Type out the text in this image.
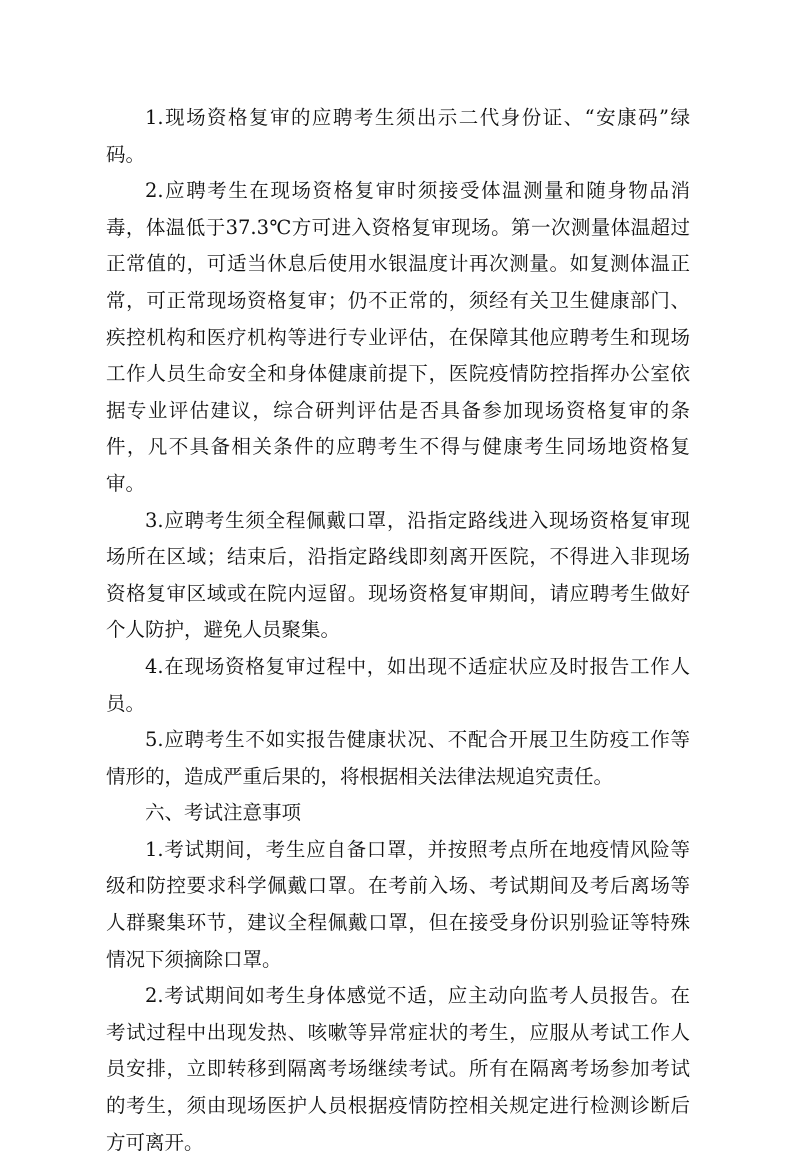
1.现场资格复审的应聘考生须出示二代身份证、“安康码”绿码。

2.应聘考生在现场资格复审时须接受体温测量和随身物品消毒，体温低于37.3℃方可进入资格复审现场。第一次测量体温超过正常值的，可适当休息后使用水银温度计再次测量。如复测体温正常，可正常现场资格复审；仍不正常的，须经有关卫生健康部门、疾控机构和医疗机构等进行专业评估，在保障其他应聘考生和现场工作人员生命安全和身体健康前提下，医院疫情防控指挥办公室依据专业评估建议，综合研判评估是否具备参加现场资格复审的条件，凡不具备相关条件的应聘考生不得与健康考生同场地资格复审。

3.应聘考生须全程佩戴口罩，沿指定路线进入现场资格复审现场所在区域；结束后，沿指定路线即刻离开医院，不得进入非现场资格复审区域或在院内逗留。现场资格复审期间，请应聘考生做好个人防护，避免人员聚集。

4.在现场资格复审过程中，如出现不适症状应及时报告工作人员。

5.应聘考生不如实报告健康状况、不配合开展卫生防疫工作等情形的，造成严重后果的，将根据相关法律法规追究责任。

六、考试注意事项

1.考试期间，考生应自备口罩，并按照考点所在地疫情风险等级和防控要求科学佩戴口罩。在考前入场、考试期间及考后离场等人群聚集环节，建议全程佩戴口罩，但在接受身份识别验证等特殊情况下须摘除口罩。

2.考试期间如考生身体感觉不适，应主动向监考人员报告。在考试过程中出现发热、咳嗽等异常症状的考生，应服从考试工作人员安排，立即转移到隔离考场继续考试。所有在隔离考场参加考试的考生，须由现场医护人员根据疫情防控相关规定进行检测诊断后方可离开。
